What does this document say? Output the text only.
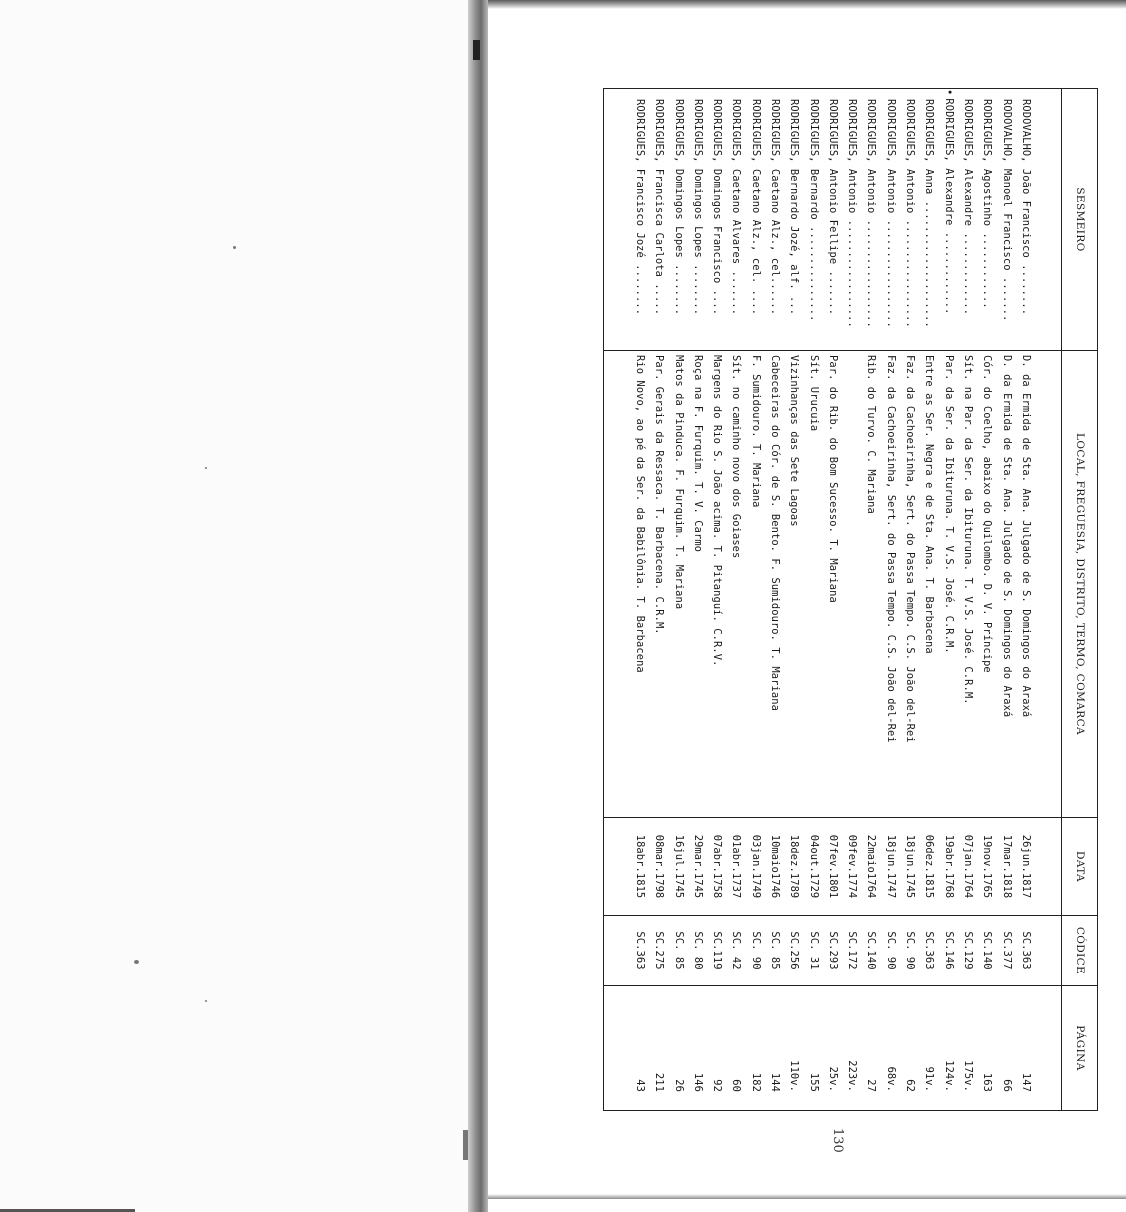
130
SESMEIRO	LOCAL, FREGUESIA, DISTRITO, TERMO, COMARCA	DATA	CÓDICE	PÁGINA

RODOVALHO, João Francisco ........	D. da Ermida de Sta. Ana. Julgado de S. Domingos do Araxá	26jun.1817	SC.363	147
RODOVALHO, Manoel Francisco .......	D. da Ermida de Sta. Ana. Julgado de S. Domingos do Araxá	17mar.1818	SC.377	66
RODRIGUES, Agostinho ............	Cór. do Coelho, abaixo do Quilombo. D. V. Príncipe	19nov.1765	SC.140	163
RODRIGUES, Alexandre .............	Sít. na Par. da Ser. da Ibituruna. T. V.S. José. C.R.M.	07jan.1764	SC.129	175v.
• RODRIGUES, Alexandre .............	Par. da Ser. da Ibituruna. T. V.S. José. C.R.M.	19abr.1768	SC.146	124v.
RODRIGUES, Anna ....................	Entre as Ser. Negra e de Sta. Ana. T. Barbacena	06dez.1815	SC.363	91v.
RODRIGUES, Antonio .................	Faz. da Cachoeirinha, Sert. do Passa Tempo. C.S. João del-Rei	18jun.1745	SC. 90	62
RODRIGUES, Antonio .................	Faz. da Cachoeirinha, Sert. do Passa Tempo. C.S. João del-Rei	18jun.1747	SC. 90	68v.
RODRIGUES, Antonio .................	Rib. do Turvo. C. Mariana	22maio1764	SC.140	27
RODRIGUES, Antonio .................		09fev.1774	SC.172	223v.
RODRIGUES, Antonio Fellipe .......	Par. do Rib. do Bom Sucesso. T. Mariana	07fev.1801	SC.293	25v.
RODRIGUES, Bernardo ...............	Sít. Urucuia	04out.1729	SC. 31	155
RODRIGUES, Bernardo Jozé, alf. ...	Vizinhanças das Sete Lagoas	18dez.1789	SC.256	110v.
RODRIGUES, Caetano Alz., cel......	Cabeceiras do Cór. de S. Bento. F. Sumidouro. T. Mariana	10maio1746	SC. 85	144
RODRIGUES, Caetano Alz., cel. ....	F. Sumidouro. T. Mariana	03jan.1749	SC. 90	182
RODRIGUES, Caetano Alvares .......	Sít. no caminho novo dos Goiases	01abr.1737	SC. 42	60
RODRIGUES, Domingos Francisco ....	Margens do Rio S. João acima. T. Pitanguí. C.R.V.	07abr.1758	SC.119	92
RODRIGUES, Domingos Lopes ........	Roça na F. Furquim. T. V. Carmo	29mar.1745	SC. 80	146
RODRIGUES, Domingos Lopes ........	Matos da Pinduca. F. Furquim. T. Mariana	16jul.1745	SC. 85	26
RODRIGUES, Francisca Carlota .....	Par. Gerais da Ressaca. T. Barbacena. C.R.M.	08mar.1798	SC.275	211
RODRIGUES, Francisco Jozé ........	Rio Novo, ao pé da Ser. da Babilônia. T. Barbacena	18abr.1815	SC.363	43
